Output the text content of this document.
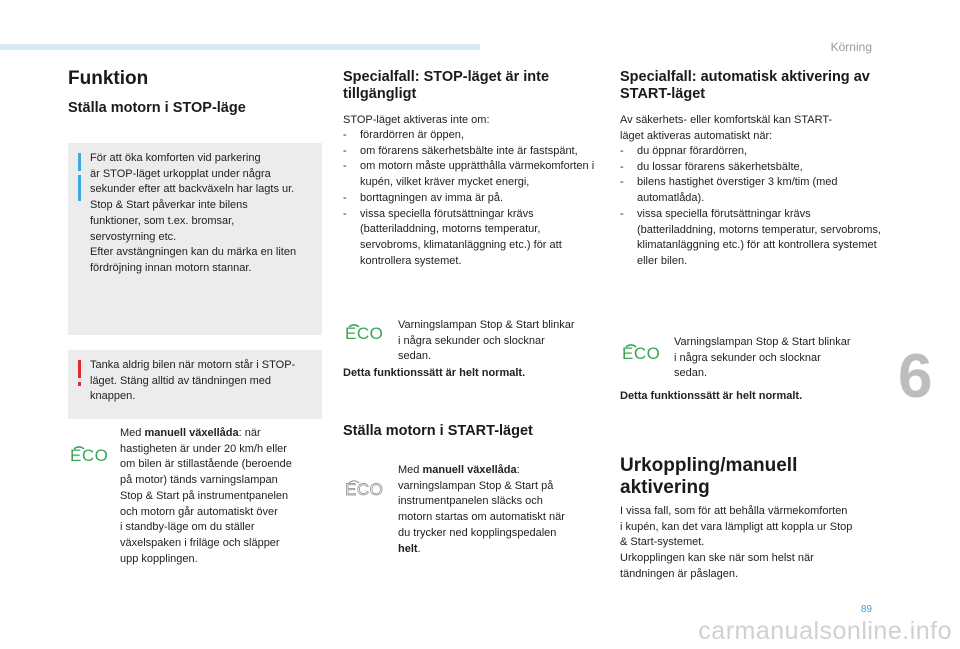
Körning
6
89
carmanualsonline.info
Funktion
Ställa motorn i STOP-läge
För att öka komforten vid parkering
är STOP-läget urkopplat under några
sekunder efter att backväxeln har lagts ur.
Stop & Start påverkar inte bilens
funktioner, som t.ex. bromsar,
servostyrning etc.
Efter avstängningen kan du märka en liten
fördröjning innan motorn stannar.
Tanka aldrig bilen när motorn står i STOP-
läget. Stäng alltid av tändningen med
knappen.
ECO
Med manuell växellåda: när
hastigheten är under 20 km/h eller
om bilen är stillastående (beroende
på motor) tänds varningslampan
Stop & Start på instrumentpanelen
och motorn går automatiskt över
i standby-läge om du ställer
växelspaken i friläge och släpper
upp kopplingen.
Specialfall: STOP-läget är inte tillgängligt
STOP-läget aktiveras inte om:
- förardörren är öppen,
- om förarens säkerhetsbälte inte är fastspänt,
- om motorn måste upprätthålla värmekomforten i kupén, vilket kräver mycket energi,
- borttagningen av imma är på.
- vissa speciella förutsättningar krävs (batteriladdning, motorns temperatur, servobroms, klimatanläggning etc.) för att kontrollera systemet.
ECO Varningslampan Stop & Start blinkar
i några sekunder och slocknar
sedan.
Detta funktionssätt är helt normalt.
Ställa motorn i START-läget
ECO
Med manuell växellåda:
varningslampan Stop & Start på
instrumentpanelen släcks och
motorn startas om automatiskt när
du trycker ned kopplingspedalen
helt.
Specialfall: automatisk aktivering av START-läget
Av säkerhets- eller komfortskäl kan START-
läget aktiveras automatiskt när:
- du öppnar förardörren,
- du lossar förarens säkerhetsbälte,
- bilens hastighet överstiger 3 km/tim (med automatlåda).
- vissa speciella förutsättningar krävs (batteriladdning, motorns temperatur, servobroms, klimatanläggning etc.) för att kontrollera systemet eller bilen.
ECO
Varningslampan Stop & Start blinkar
i några sekunder och slocknar
sedan.
Detta funktionssätt är helt normalt.
Urkoppling/manuell aktivering
I vissa fall, som för att behålla värmekomforten
i kupén, kan det vara lämpligt att koppla ur Stop
& Start-systemet.
Urkopplingen kan ske när som helst när
tändningen är påslagen.
